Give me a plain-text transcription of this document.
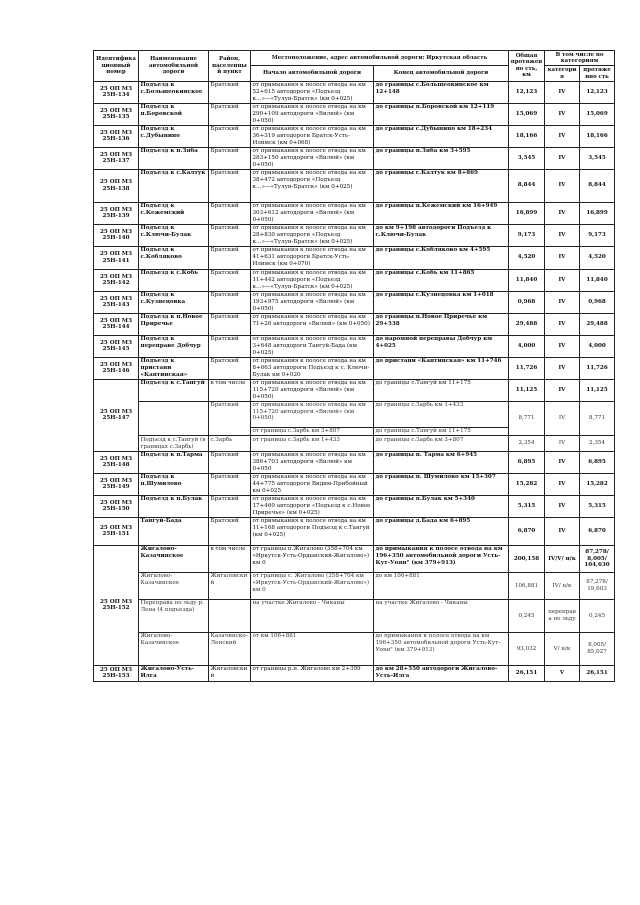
Идентифика ционный номер	Наименование автомобильной дороги	Район, населенный пункт	Местоположение, адрес автомобильной дороги: Иркутская область		Общая протяженно сть, км	В том числе по категориям	
			Начало автомобильной дороги	Конец автомобильной дороги		категори я	протяженно сть

25 ОП МЗ 25Н-134	Подъезд к с.Большеокинское	Братский	от примыкания к полосе отвода на км 52+615 автодороги «Подъезд к…»—«Тулун-Братск» (км 0+025)	до границы с.Большеокинское км 12+148	12,123	IV	12,123
25 ОП МЗ 25Н-135	Подъезд к п.Боровской	Братский	от примыкания к полосе отвода на км 290+109 автодороги «Вилюй» (км 0+050)	до границы п.Боровской км 12+119	15,069	IV	15,069
25 ОП МЗ 25Н-136	Подъезд к с.Дубынино	Братский	от примыкания к полосе отвода на км 36+319 автодороги Братск-Усть-Илимск (км 0+068)	до границы с.Дубынино км 18+234	18,166	IV	18,166
25 ОП МЗ 25Н-137	Подъезд к п.Зяба	Братский	от примыкания к полосе отвода на км 283+150 автодороги «Вилюй» (км 0+050)	до границы п.Зяба км 3+595	3,545	IV	3,545
25 ОП МЗ 25Н-138	Подъезд к с.Калтук	Братский	от примыкания к полосе отвода на км 38+472 автодороги «Подъезд к…»—«Тулун-Братск» (км 0+025)	до границы с.Калтук км 8+869	8,844	IV	8,844
25 ОП МЗ 25Н-139	Подъезд к с.Кежемский	Братский	от примыкания к полосе отвода на км 303+612 автодороги «Вилюй» (км 0+050)	до границы п.Кежемский км 16+949	16,899	IV	16,899
25 ОП МЗ 25Н-140	Подъезд к с.Ключи-Булак	Братский	от примыкания к полосе отвода на км 28+830 автодороги «Подъезд к…»—«Тулун-Братск» (км 0+025)	до км 9+198 автодороги Подъезд к с.Ключи-Булак	9,173	IV	9,173
25 ОП МЗ 25Н-141	Подъезд к с.Кобляково	Братский	от примыкания к полосе отвода на км 41+631 автодороги Братск-Усть-Илимск (км 0+070)	до границы с.Кобляково км 4+595	4,520	IV	4,520
25 ОП МЗ 25Н-142	Подъезд к с.Кобь	Братский	от примыкания к полосе отвода на км 11+442 автодороги «Подъезд к…»—«Тулун-Братск» (км 0+025)	до границы с.Кобь км 11+865	11,840	IV	11,840
25 ОП МЗ 25Н-143	Подъезд к с.Кузнецовка	Братский	от примыкания к полосе отвода на км 193+975 автодороги «Вилюй» (км 0+050)	до границы с.Кузнецовка км 1+018	0,968	IV	0,968
25 ОП МЗ 25Н-144	Подъезд к п.Новое Приречье	Братский	от примыкания к полосе отвода на км 71+26 автодороги «Вилюй» (км 0+050)	до границы п.Новое Приречье км 29+538	29,488	IV	29,488
25 ОП МЗ 25Н-145	Подъезд к переправе Добчур	Братский	от примыкания к полосе отвода на км 3+648 автодороги Тангуй-Бада (км 0+025)	до паромной переправы Добчур км 4+025	4,000	IV	4,000
25 ОП МЗ 25Н-146	Подъезд к пристани «Кантинская»	Братский	от примыкания к полосе отвода на км 8+663 автодороги Подъезд к с. Ключи-Булак км 0+020	до пристани «Кантинская» км 11+746	11,726	IV	11,726
25 ОП МЗ 25Н-147	Подъезд к с.Тангуй	в том числе	от примыкания к полосе отвода на км 115+720 автодороги «Вилюй» (км 0+050)	до границы с.Тангуй км 11+175	11,125	IV	11,125
		Братский	от примыкания к полосе отвода на км 115+720 автодороги «Вилюй» (км 0+050)	до границы с.Зарбь км 1+433	8,771	IV	8,771
			от границы с.Зарбь км 3+807	до границы с.Тангуй км 11+175			
	Подъезд к с.Тангуй (в границах с.Зарбь)	с.Зарбь	от границы с.Зарбь км 1+433	до границы с.Зарбь км 3+807	2,354	IV	2,354
25 ОП МЗ 25Н-148	Подъезд к п.Тарма	Братский	от примыкания к полосе отвода на км 386+703 автодороги «Вилюй» км 0+050	до границы п. Тарма км 6+945	6,895	IV	6,895
25 ОП МЗ 25Н-149	Подъезд к п.Шумилово	Братский	от примыкания к полосе отвода на км 44+775 автодороги Видим-Прибойный км 0+025	до границы п. Шумилово км 15+307	15,282	IV	15,282
25 ОП МЗ 25Н-150	Подъезд к п.Булак	Братский	от примыкания к полосе отвода на км 17+460 автодороги «Подъезд к с.Новое Приречье» (км 0+025)	до границы п.Булак км 5+340	5,315	IV	5,315
25 ОП МЗ 25Н-151	Тангуй-Бада	Братский	от примыкания к полосе отвода на км 11+168 автодороги Подъезд к с.Тангуй (км 0+025)	до границы д.Бада км 6+895	6,870	IV	6,870
25 ОП МЗ 25Н-152	Жигалово-Казачинское	в том числе	от границы п.Жигалово (358+704 км «Иркутск-Усть-Ордынский-Жигалово») км 0	до примыкания к полосе отвода на км 196+350 автомобильной дороги Усть-Кут-Уоян" (км 379+913)	200,158	IV/V/ н/к	87,278/ 8,005/ 104,630
	Жигалово-Казачинское	Жигаловский	от границы с. Жигалово (358+704 км «Иркутск-Усть-Ордынский-Жигалово») км 0	до км 106+881	106,881	IV/ н/к	87,278/ 19,603
	Переправа по льду р. Лена (4 подъезда)		на участке Жигалово - Чиканы	на участке Жигалово - Чиканы	0,245	переправа по льду	0,245
	Жигалово-Казачинское	Казачинско-Ленский	от км 106+881	до примыкания к полосе отвода на км 196+350 автомобильной дороги Усть-Кут-Уоян" (км 379+913)	93,032	V/ н/к	8,005/ 85,027
25 ОП МЗ 25Н-153	Жигалово-Усть-Илга	Жигаловский	от границы р.п. Жигалово км 2+399	до км 28+550 автодороги Жигалово-Усть-Илга	26,151	V	26,151
